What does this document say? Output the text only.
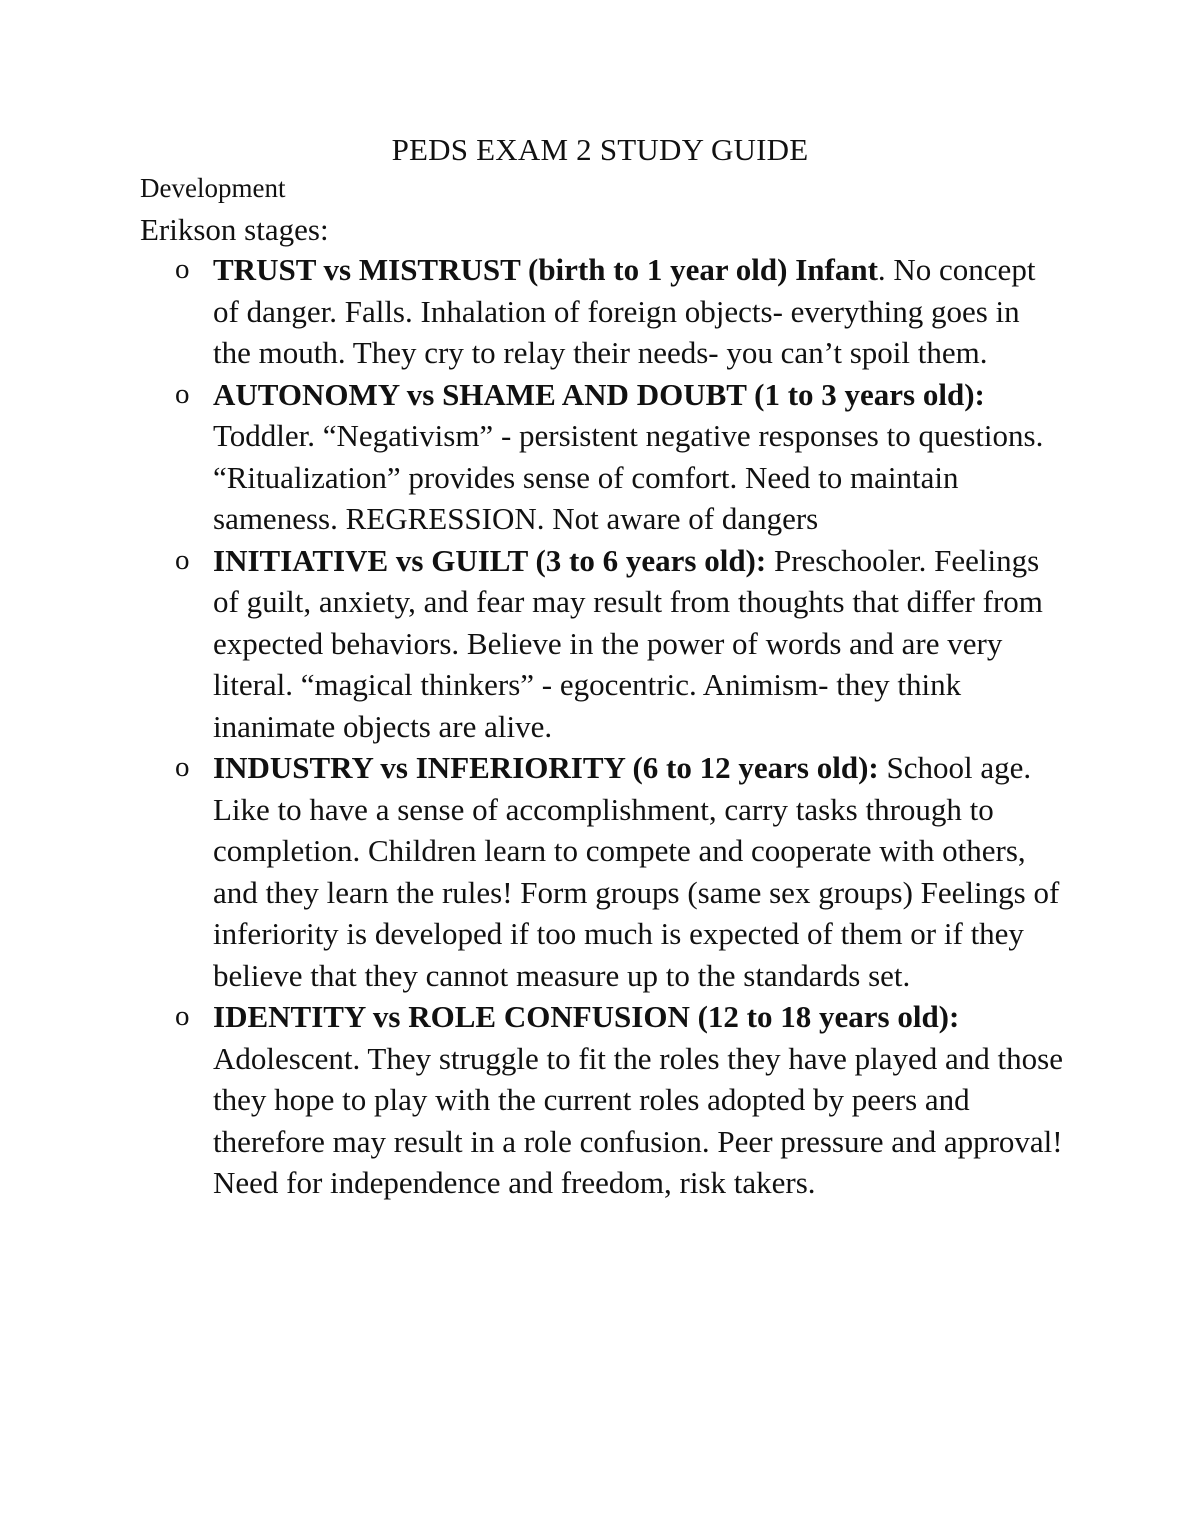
PEDS EXAM 2 STUDY GUIDE
Development
Erikson stages:
o TRUST vs MISTRUST (birth to 1 year old) Infant. No concept of danger. Falls. Inhalation of foreign objects- everything goes in the mouth. They cry to relay their needs- you can’t spoil them.
o AUTONOMY vs SHAME AND DOUBT (1 to 3 years old): Toddler. “Negativism” - persistent negative responses to questions. “Ritualization” provides sense of comfort. Need to maintain sameness. REGRESSION. Not aware of dangers
o INITIATIVE vs GUILT (3 to 6 years old): Preschooler. Feelings of guilt, anxiety, and fear may result from thoughts that differ from expected behaviors. Believe in the power of words and are very literal. “magical thinkers” - egocentric. Animism- they think inanimate objects are alive.
o INDUSTRY vs INFERIORITY (6 to 12 years old): School age. Like to have a sense of accomplishment, carry tasks through to completion. Children learn to compete and cooperate with others, and they learn the rules! Form groups (same sex groups) Feelings of inferiority is developed if too much is expected of them or if they believe that they cannot measure up to the standards set.
o IDENTITY vs ROLE CONFUSION (12 to 18 years old): Adolescent. They struggle to fit the roles they have played and those they hope to play with the current roles adopted by peers and therefore may result in a role confusion. Peer pressure and approval! Need for independence and freedom, risk takers.
